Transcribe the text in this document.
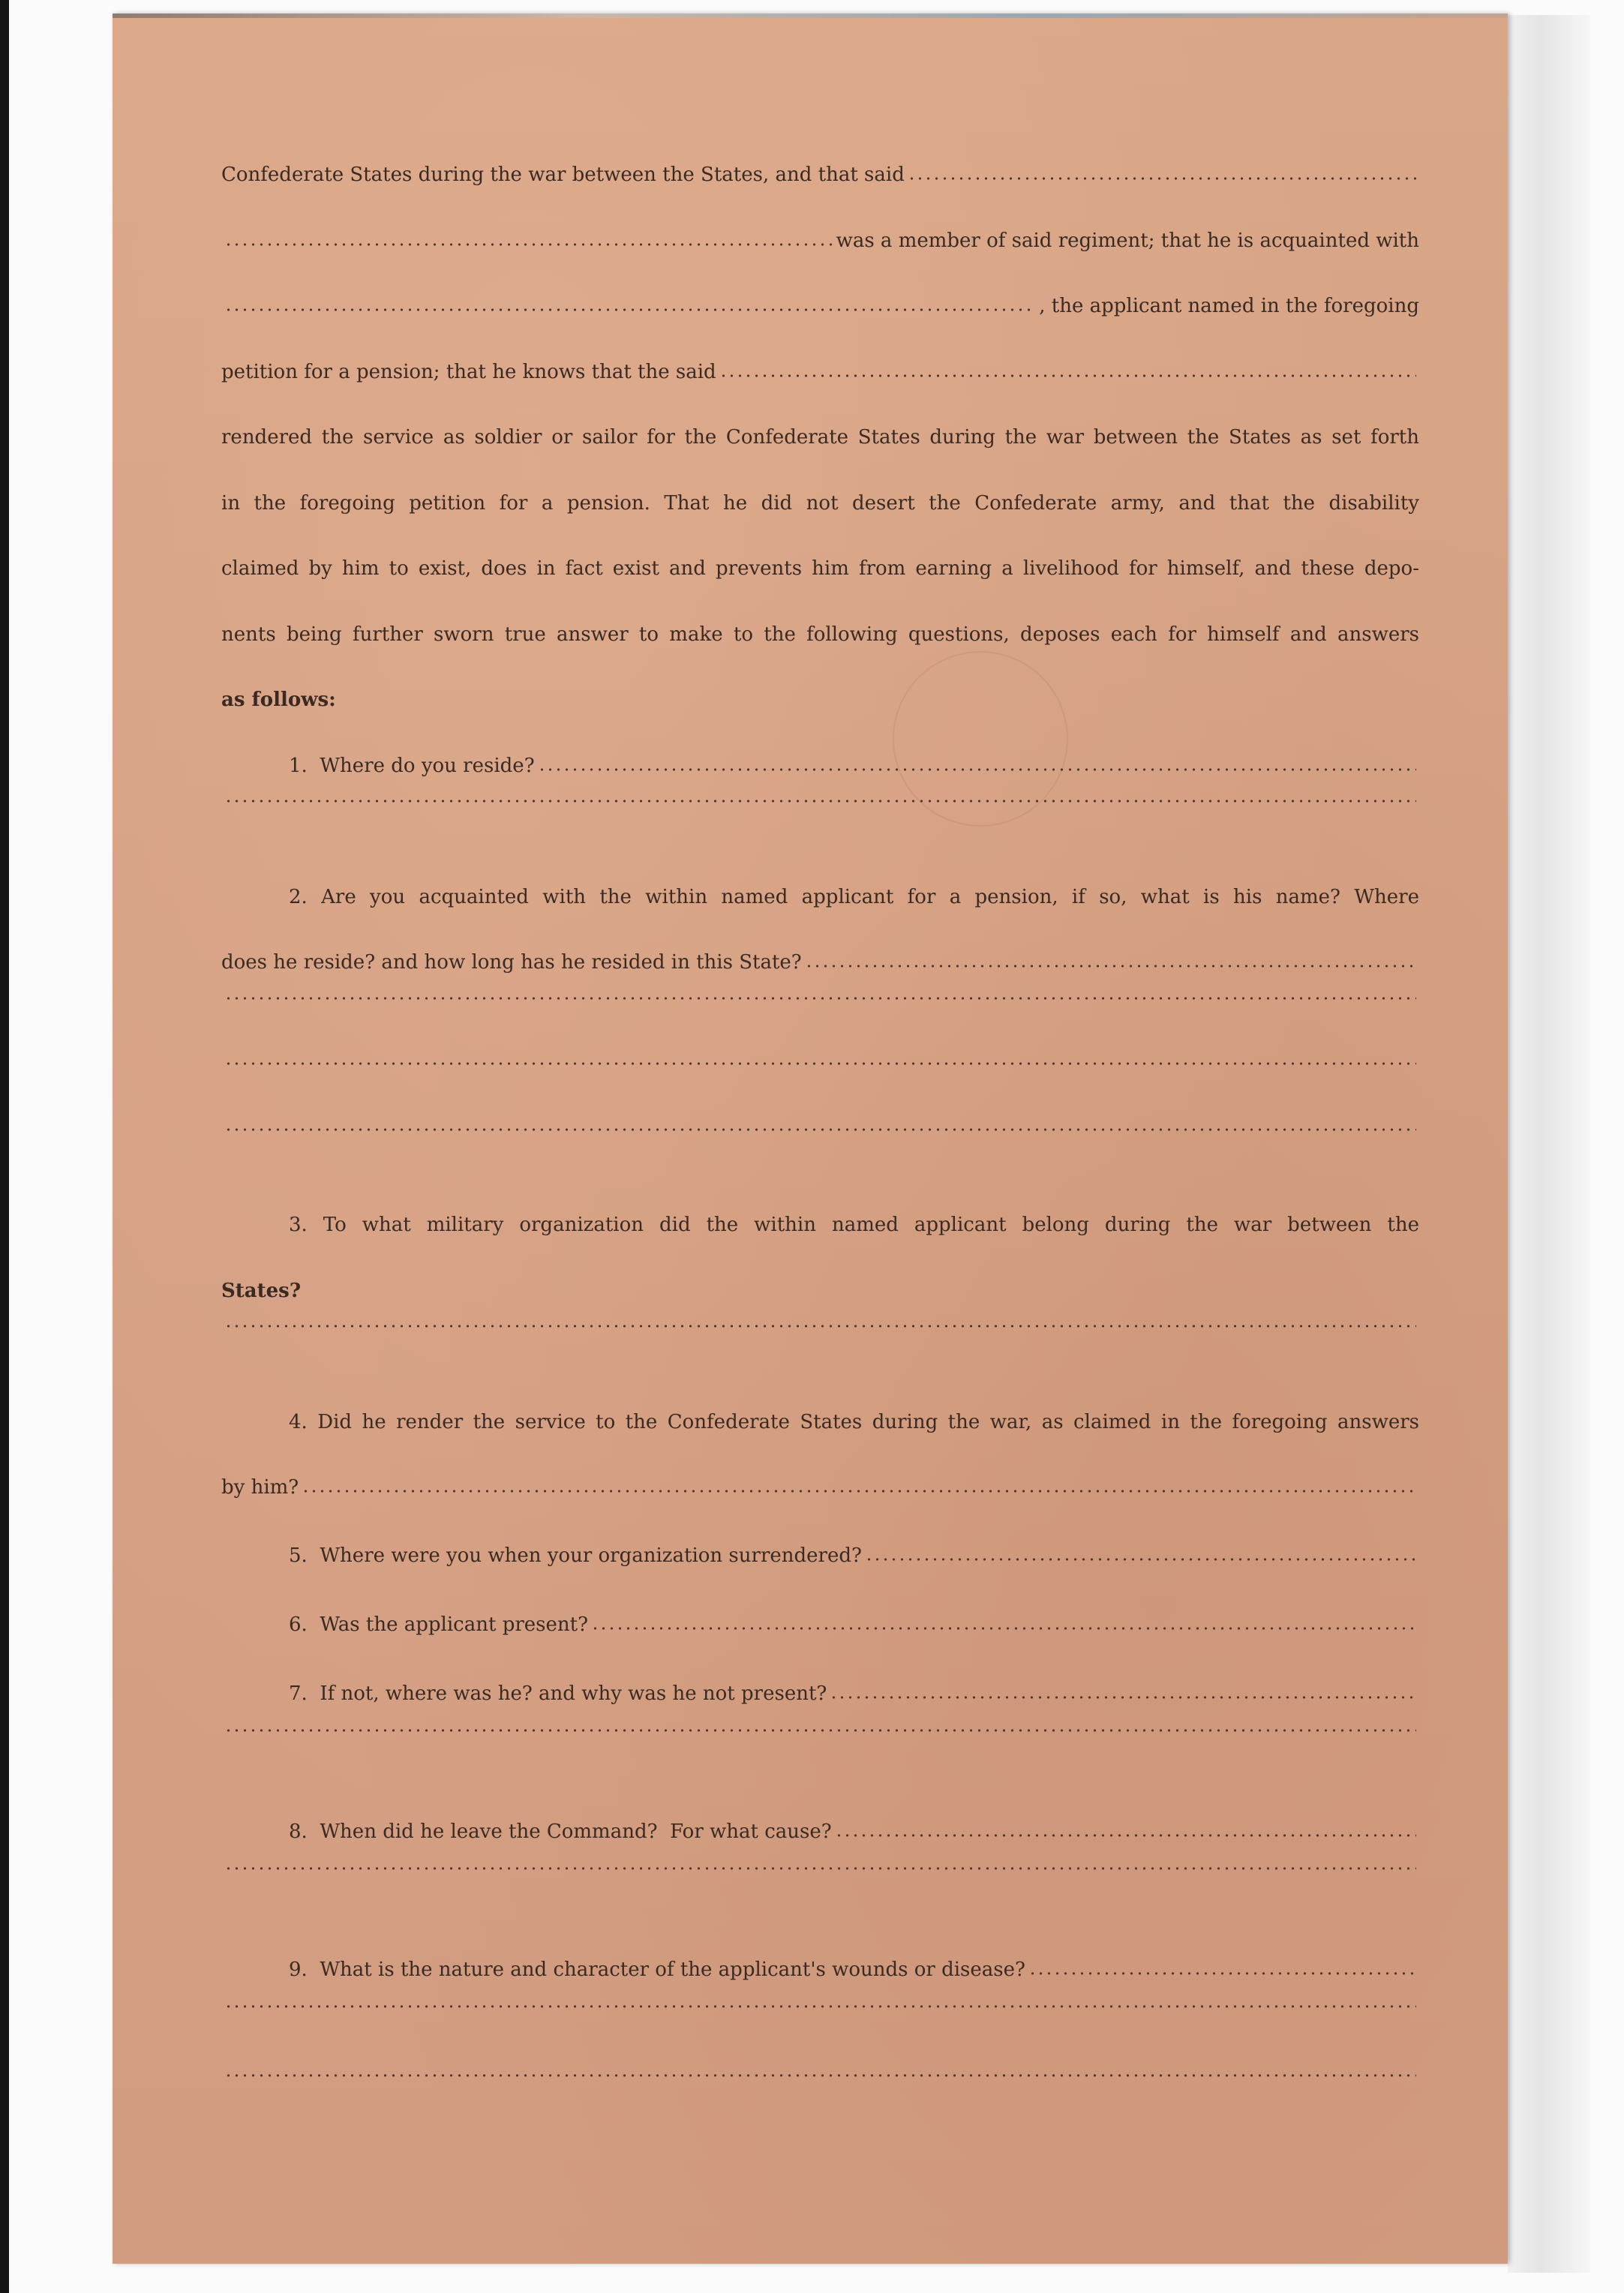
Confederate States during the war between the States, and that said
was a member of said regiment; that he is acquainted with
, the applicant named in the foregoing
petition for a pension; that he knows that the said
rendered the service as soldier or sailor for the Confederate States during the war between the States as set forth
in the foregoing petition for a pension. That he did not desert the Confederate army, and that the disability
claimed by him to exist, does in fact exist and prevents him from earning a livelihood for himself, and these depo-
nents being further sworn true answer to make to the following questions, deposes each for himself and answers
as follows:
1.  Where do you reside?
2. Are you acquainted with the within named applicant for a pension, if so, what is his name? Where
does he reside? and how long has he resided in this State?
3. To what military organization did the within named applicant belong during the war between the
States?
4. Did he render the service to the Confederate States during the war, as claimed in the foregoing answers
by him?
5.  Where were you when your organization surrendered?
6.  Was the applicant present?
7.  If not, where was he? and why was he not present?
8.  When did he leave the Command?  For what cause?
9.  What is the nature and character of the applicant's wounds or disease?
